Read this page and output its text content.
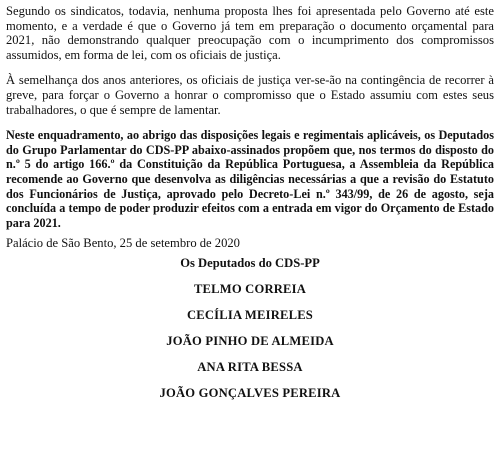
Segundo os sindicatos, todavia, nenhuma proposta lhes foi apresentada pelo Governo até este momento, e a verdade é que o Governo já tem em preparação o documento orçamental para 2021, não demonstrando qualquer preocupação com o incumprimento dos compromissos assumidos, em forma de lei, com os oficiais de justiça.

À semelhança dos anos anteriores, os oficiais de justiça ver-se-ão na contingência de recorrer à greve, para forçar o Governo a honrar o compromisso que o Estado assumiu com estes seus trabalhadores, o que é sempre de lamentar.

Neste enquadramento, ao abrigo das disposições legais e regimentais aplicáveis, os Deputados do Grupo Parlamentar do CDS-PP abaixo-assinados propõem que, nos termos do disposto do n.º 5 do artigo 166.º da Constituição da República Portuguesa, a Assembleia da República recomende ao Governo que desenvolva as diligências necessárias a que a revisão do Estatuto dos Funcionários de Justiça, aprovado pelo Decreto-Lei n.º 343/99, de 26 de agosto, seja concluída a tempo de poder produzir efeitos com a entrada em vigor do Orçamento de Estado para 2021.

Palácio de São Bento, 25 de setembro de 2020

Os Deputados do CDS-PP
TELMO CORREIA
CECÍLIA MEIRELES
JOÃO PINHO DE ALMEIDA
ANA RITA BESSA
JOÃO GONÇALVES PEREIRA
